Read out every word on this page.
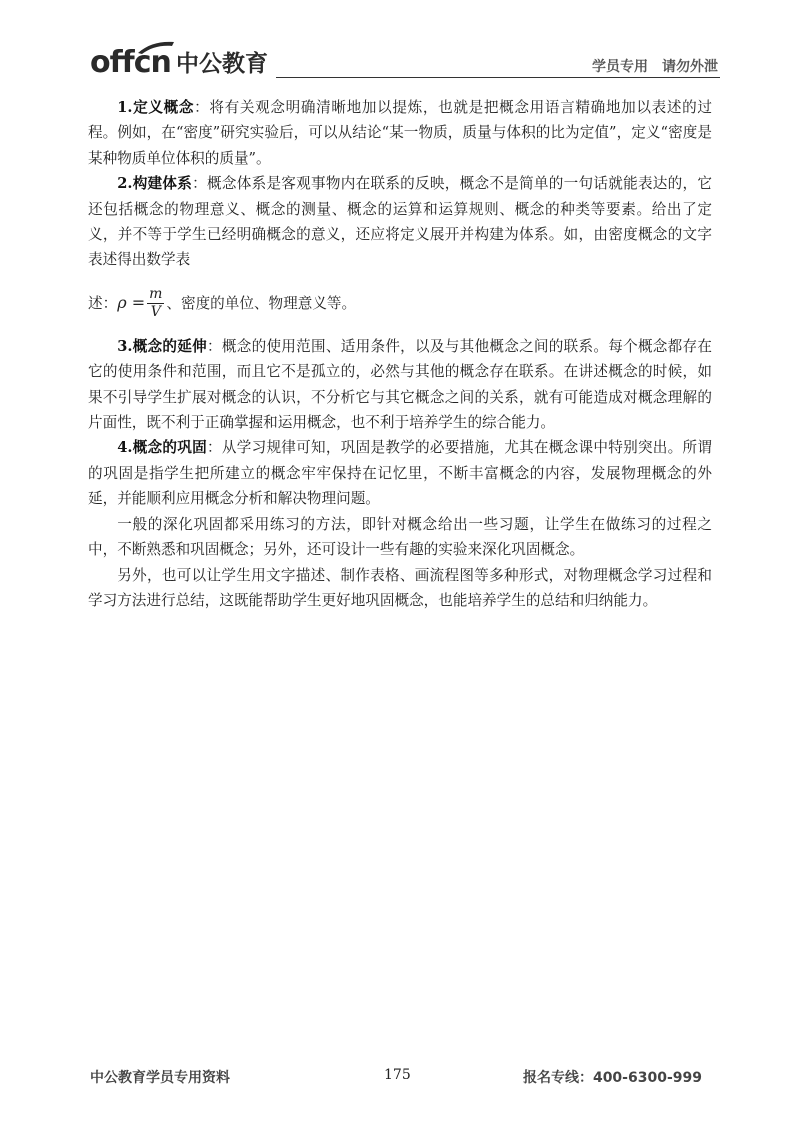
offcn 中公教育	学员专用 请勿外泄

1.定义概念：将有关观念明确清晰地加以提炼，也就是把概念用语言精确地加以表述的过程。例如，在“密度”研究实验后，可以从结论“某一物质，质量与体积的比为定值”，定义“密度是某种物质单位体积的质量”。

2.构建体系：概念体系是客观事物内在联系的反映，概念不是简单的一句话就能表达的，它还包括概念的物理意义、概念的测量、概念的运算和运算规则、概念的种类等要素。给出了定义，并不等于学生已经明确概念的意义，还应将定义展开并构建为体系。如，由密度概念的文字表述得出数学表

述：$\rho = \frac{m}{V}$ 、密度的单位、物理意义等。

3.概念的延伸：概念的使用范围、适用条件，以及与其他概念之间的联系。每个概念都存在它的使用条件和范围，而且它不是孤立的，必然与其他的概念存在联系。在讲述概念的时候，如果不引导学生扩展对概念的认识，不分析它与其它概念之间的关系，就有可能造成对概念理解的片面性，既不利于正确掌握和运用概念，也不利于培养学生的综合能力。

4.概念的巩固：从学习规律可知，巩固是教学的必要措施，尤其在概念课中特别突出。所谓的巩固是指学生把所建立的概念牢牢保持在记忆里，不断丰富概念的内容，发展物理概念的外延，并能顺利应用概念分析和解决物理问题。

一般的深化巩固都采用练习的方法，即针对概念给出一些习题，让学生在做练习的过程之中，不断熟悉和巩固概念；另外，还可设计一些有趣的实验来深化巩固概念。

另外，也可以让学生用文字描述、制作表格、画流程图等多种形式，对物理概念学习过程和学习方法进行总结，这既能帮助学生更好地巩固概念，也能培养学生的总结和归纳能力。

中公教育学员专用资料	175	报名专线：400-6300-999
